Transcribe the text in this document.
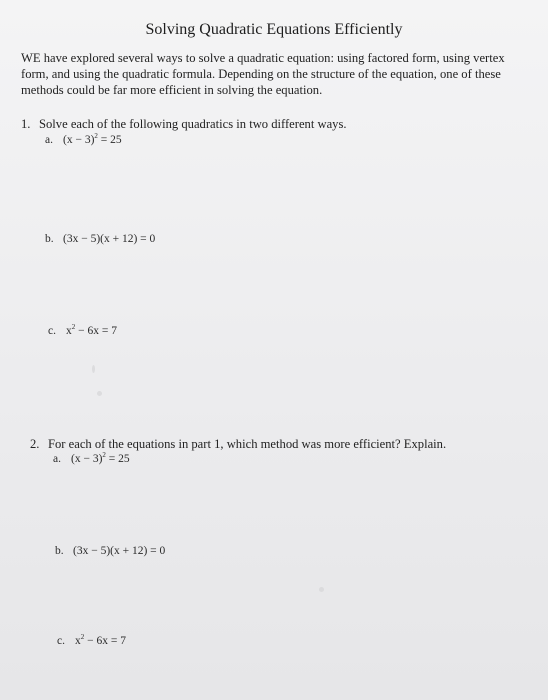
Solving Quadratic Equations Efficiently
WE have explored several ways to solve a quadratic equation: using factored form, using vertex form, and using the quadratic formula. Depending on the structure of the equation, one of these methods could be far more efficient in solving the equation.
1. Solve each of the following quadratics in two different ways.
a. $(x - 3)^2 = 25$
b. (3x − 5)(x + 12) = 0
c. $x^2 - 6x = 7$
2. For each of the equations in part 1, which method was more efficient? Explain.
a. $(x - 3)^2 = 25$
b. (3x − 5)(x + 12) = 0
c. $x^2 - 6x = 7$
